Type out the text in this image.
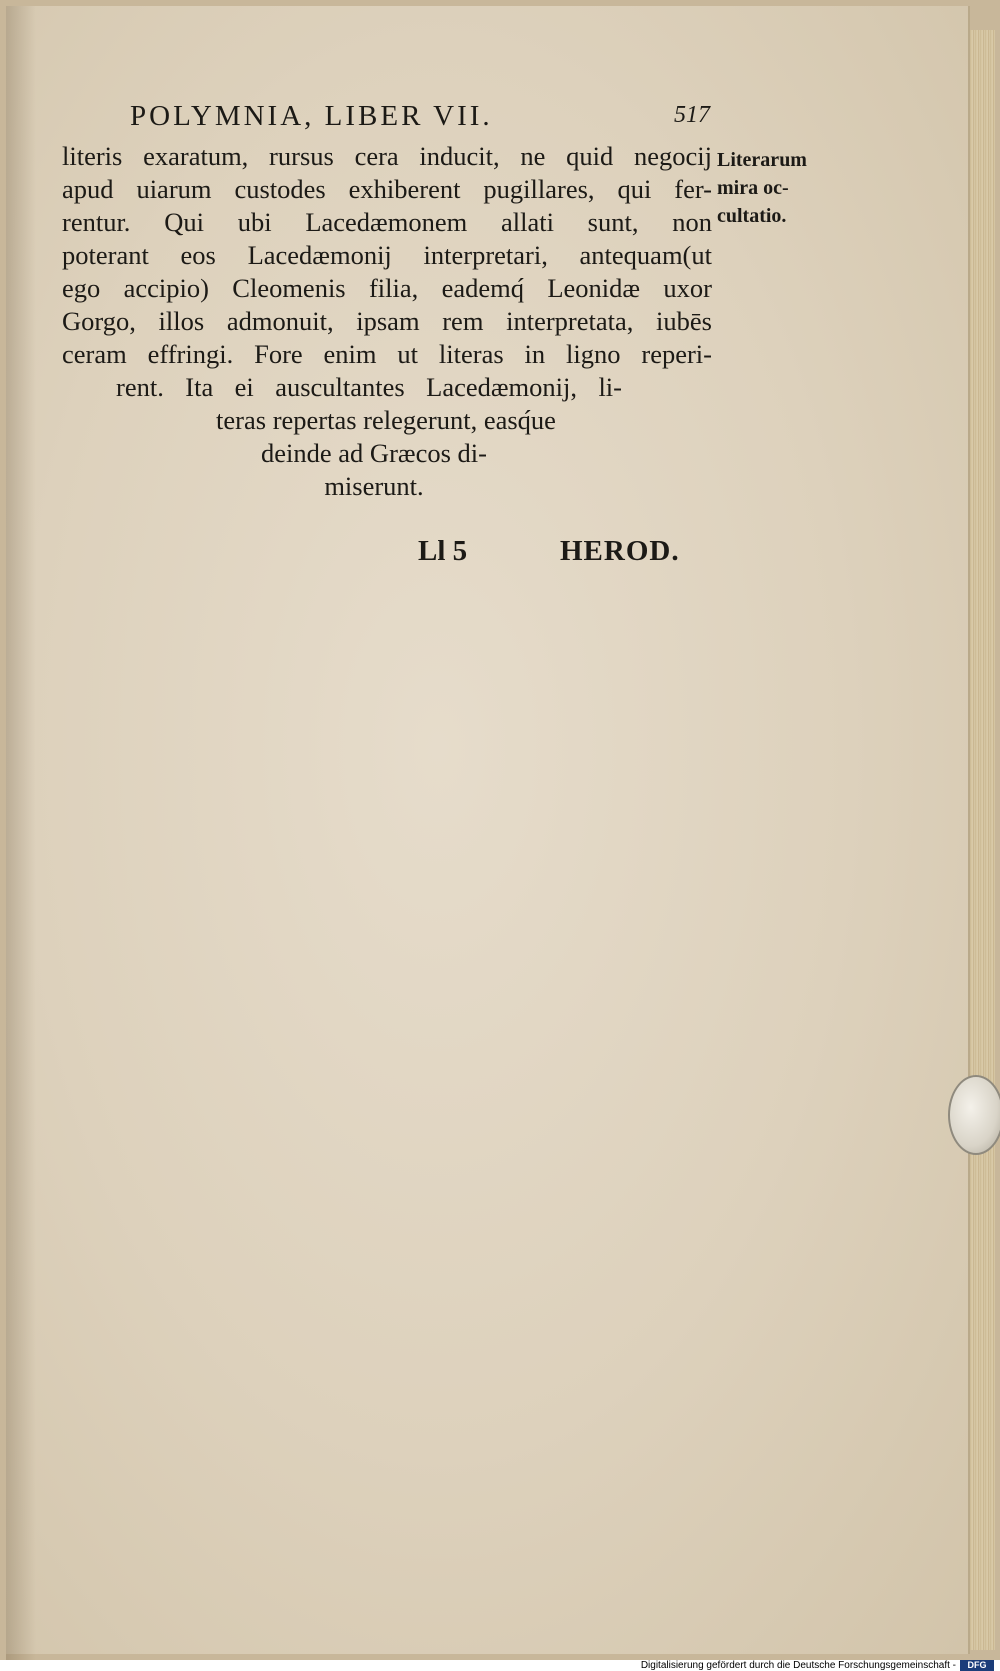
POLYMNIA, LIBER VII.	517
literis exaratum, rursus cera inducit, ne quid negocij
apud uiarum custodes exhiberent pugillares, qui fer-
rentur. Qui ubi Lacedæmonem allati sunt, non
poterant eos Lacedæmonij interpretari, antequam(ut
ego accipio) Cleomenis filia, eademq́ Leonidæ uxor
Gorgo, illos admonuit, ipsam rem interpretata, iubēs
ceram effringi. Fore enim ut literas in ligno reperi-
rent. Ita ei auscultantes Lacedæmonij, li-
teras repertas relegerunt, easq́ue
deinde ad Græcos di-
miserunt.
Literarum
mira oc-
cultatio.
Ll 5	HEROD.
Digitalisierung gefördert durch die Deutsche Forschungsgemeinschaft -	DFG
